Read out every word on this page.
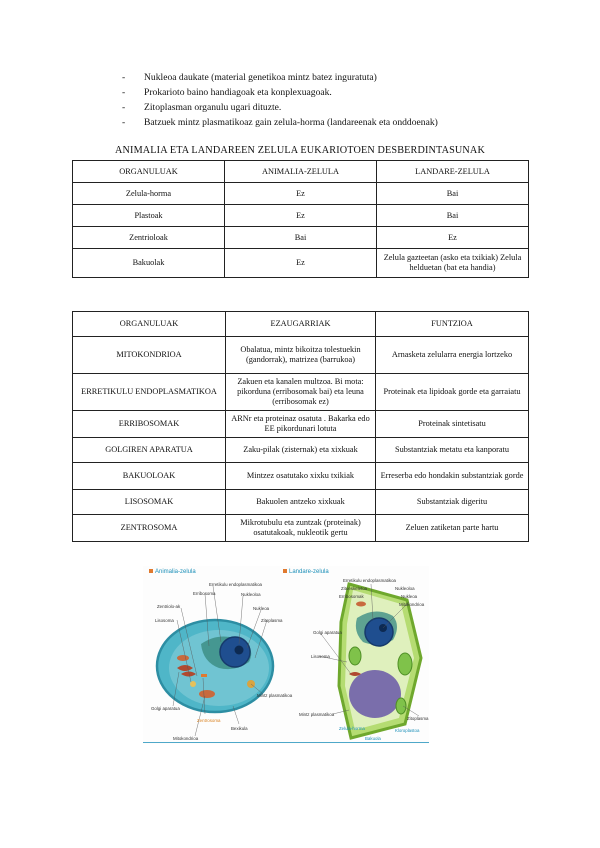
-	Nukleoa daukate (material genetikoa mintz batez inguratuta)
-	Prokarioto baino handiagoak eta konplexuagoak.
-	Zitoplasman organulu ugari dituzte.
-	Batzuek mintz plasmatikoaz gain zelula-horma (landareenak eta onddoenak)
ANIMALIA ETA LANDAREEN ZELULA EUKARIOTOEN DESBERDINTASUNAK
ORGANULUAK	ANIMALIA-ZELULA	LANDARE-ZELULA
Zelula-horma	Ez	Bai
Plastoak	Ez	Bai
Zentrioloak	Bai	Ez
Bakuolak	Ez	Zelula gazteetan (asko eta txikiak) Zelula helduetan (bat eta handia)
ORGANULUAK	EZAUGARRIAK	FUNTZIOA
MITOKONDRIOA	Obalatua, mintz bikoitza tolestuekin (gandorrak), matrizea (barrukoa)	Arnasketa zelularra energia lortzeko
ERRETIKULU ENDOPLASMATIKOA	Zakuen eta kanalen multzoa. Bi mota: pikorduna (erribosomak bai) eta leuna (erribosomak ez)	Proteinak eta lipidoak gorde eta garraiatu
ERRIBOSOMAK	ARNr eta proteinaz osatuta . Bakarka edo EE pikordunari lotuta	Proteinak sintetisatu
GOLGIREN APARATUA	Zaku-pilak (zisternak) eta xixkuak	Substantziak metatu eta kanporatu
BAKUOLOAK	Mintzez osatutako xixku txikiak	Erreserba edo hondakin substantziak gorde
LISOSOMAK	Bakuolen antzeko xixkuak	Substantziak digeritu
ZENTROSOMA	Mikrotubulu eta zuntzak (proteinak) osatutakoak, nukleotik gertu	Zeluen zatiketan parte hartu
Animalia-zelula	Landare-zelula
Erretikulu endoplasmatikoa
Erribosoma	Nukleoloa
Zentriolo-ak	Nukleoa
Lisosoma	Zitoplasma
Mintz plasmatikoa
Golgi aparatua
Zentrosoma
Bexikula
Mitokondrioa
Erretikulu endoplasmatikoa
Zitoeskeletoa	Nukleoloa
Erribosomak	Nukleoa
Mitokondrioa
Golgi aparatua
Lisosoma
Zitoplasma
Mintz plasmatikoa
Zelula-horma	Kloroplastoa
Bakuola
